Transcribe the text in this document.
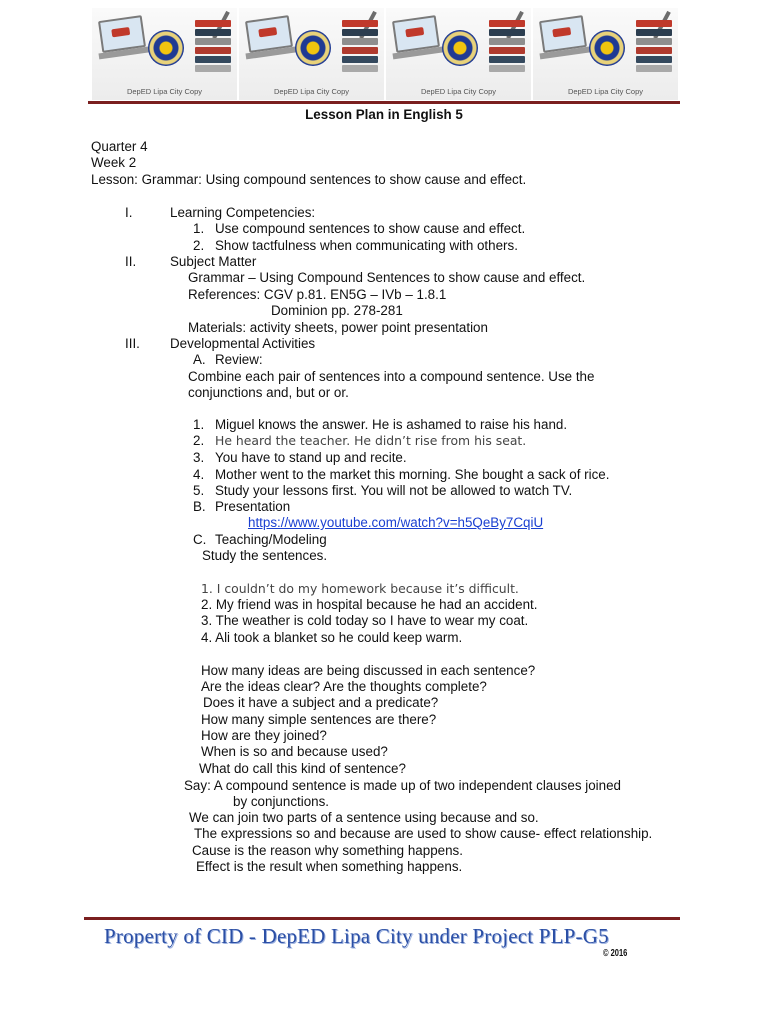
DepED Lipa City Copy	DepED Lipa City Copy	DepED Lipa City Copy	DepED Lipa City Copy
Lesson Plan in English 5
Quarter 4
Week 2
Lesson: Grammar: Using compound sentences to show cause and effect.
I.	Learning Competencies:
1. Use compound sentences to show cause and effect.
2. Show tactfulness when communicating with others.
II.	Subject Matter
Grammar – Using Compound Sentences to show cause and effect.
References: CGV p.81. EN5G – IVb – 1.8.1
Dominion pp. 278-281
Materials: activity sheets, power point presentation
III. Developmental Activities
A. Review:
Combine each pair of sentences into a compound sentence. Use the
conjunctions and, but or or.
1. Miguel knows the answer. He is ashamed to raise his hand.
2. He heard the teacher. He didn’t rise from his seat.
3. You have to stand up and recite.
4. Mother went to the market this morning. She bought a sack of rice.
5. Study your lessons first. You will not be allowed to watch TV.
B. Presentation
https://www.youtube.com/watch?v=h5QeBy7CqiU
C. Teaching/Modeling
Study the sentences.
1. I couldn’t do my homework because it’s difficult.
2. My friend was in hospital because he had an accident.
3. The weather is cold today so I have to wear my coat.
4. Ali took a blanket so he could keep warm.
How many ideas are being discussed in each sentence?
Are the ideas clear? Are the thoughts complete?
Does it have a subject and a predicate?
How many simple sentences are there?
How are they joined?
When is so and because used?
What do call this kind of sentence?
Say: A compound sentence is made up of two independent clauses joined
by conjunctions.
We can join two parts of a sentence using because and so.
The expressions so and because are used to show cause- effect relationship.
Cause is the reason why something happens.
Effect is the result when something happens.
Property of CID - DepED Lipa City under Project PLP-G5
© 2016
